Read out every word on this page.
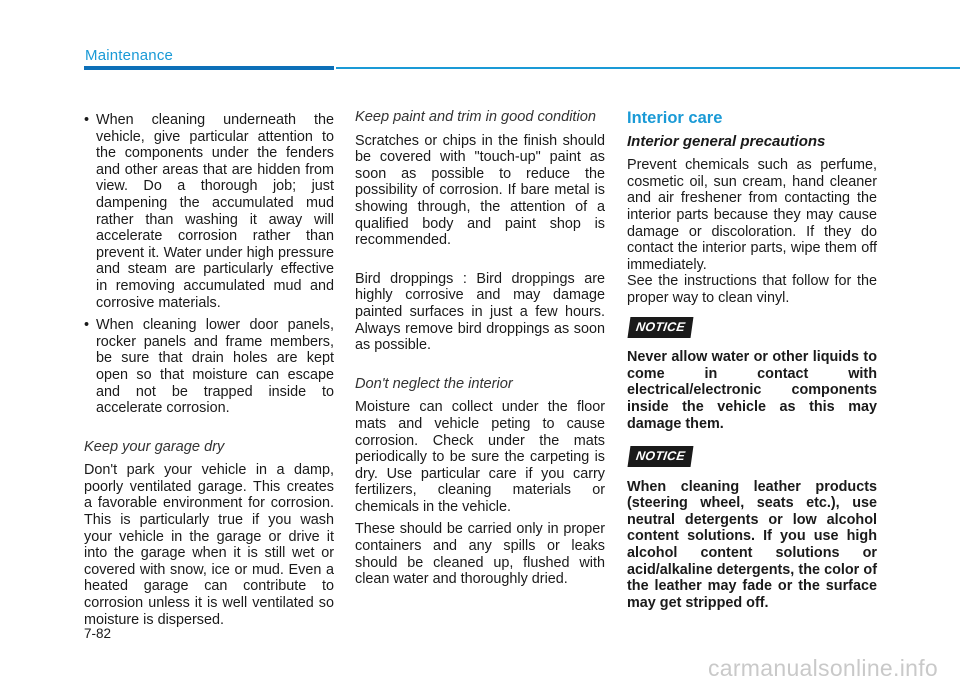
Maintenance
• When cleaning underneath the vehicle, give particular attention to the components under the fenders and other areas that are hidden from view. Do a thorough job; just dampening the accumulated mud rather than washing it away will accelerate corrosion rather than prevent it. Water under high pressure and steam are particularly effective in removing accumulated mud and corrosive materials.
• When cleaning lower door panels, rocker panels and frame members, be sure that drain holes are kept open so that moisture can escape and not be trapped inside to accelerate corrosion.
Keep your garage dry
Don't park your vehicle in a damp, poorly ventilated garage. This creates a favorable environment for corrosion. This is particularly true if you wash your vehicle in the garage or drive it into the garage when it is still wet or covered with snow, ice or mud. Even a heated garage can contribute to corrosion unless it is well ventilated so moisture is dispersed.
Keep paint and trim in good condition
Scratches or chips in the finish should be covered with "touch-up" paint as soon as possible to reduce the possibility of corrosion. If bare metal is showing through, the attention of a qualified body and paint shop is recommended.
Bird droppings : Bird droppings are highly corrosive and may damage painted surfaces in just a few hours. Always remove bird droppings as soon as possible.
Don't neglect the interior
Moisture can collect under the floor mats and vehicle peting to cause corrosion. Check under the mats periodically to be sure the carpeting is dry. Use particular care if you carry fertilizers, cleaning materials or chemicals in the vehicle.
These should be carried only in proper containers and any spills or leaks should be cleaned up, flushed with clean water and thoroughly dried.
Interior care
Interior general precautions
Prevent chemicals such as perfume, cosmetic oil, sun cream, hand cleaner and air freshener from contacting the interior parts because they may cause damage or discoloration. If they do contact the interior parts, wipe them off immediately.
See the instructions that follow for the proper way to clean vinyl.
NOTICE
Never allow water or other liquids to come in contact with electrical/electronic components inside the vehicle as this may damage them.
NOTICE
When cleaning leather products (steering wheel, seats etc.), use neutral detergents or low alcohol content solutions. If you use high alcohol content solutions or acid/alkaline detergents, the color of the leather may fade or the surface may get stripped off.
7-82
carmanualsonline.info
